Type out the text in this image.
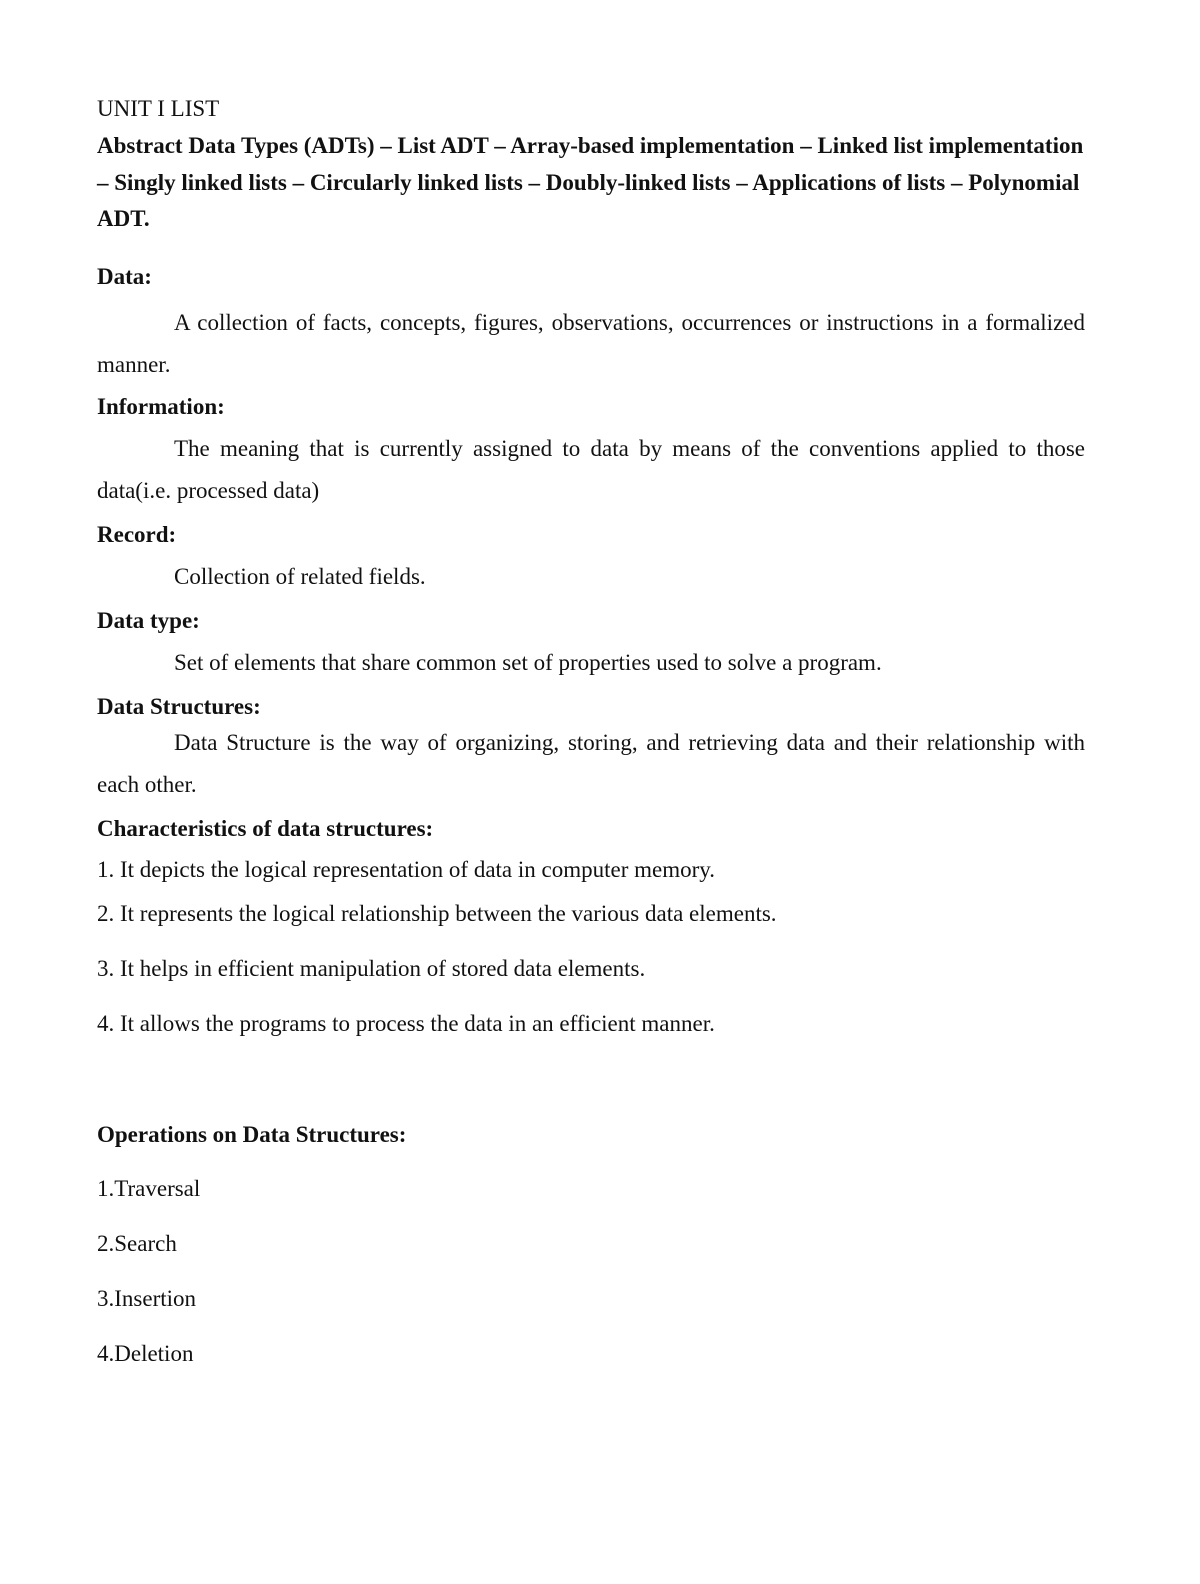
UNIT I LIST

Abstract Data Types (ADTs) – List ADT – Array-based implementation – Linked list implementation – Singly linked lists – Circularly linked lists – Doubly-linked lists – Applications of lists – Polynomial ADT.

Data:

A collection of facts, concepts, figures, observations, occurrences or instructions in a formalized manner.

Information:

The meaning that is currently assigned to data by means of the conventions applied to those data(i.e. processed data)

Record:

Collection of related fields.

Data type:

Set of elements that share common set of properties used to solve a program.

Data Structures:

Data Structure is the way of organizing, storing, and retrieving data and their relationship with each other.

Characteristics of data structures:

1. It depicts the logical representation of data in computer memory.

2. It represents the logical relationship between the various data elements.

3. It helps in efficient manipulation of stored data elements.

4. It allows the programs to process the data in an efficient manner.

Operations on Data Structures:

1.Traversal

2.Search

3.Insertion

4.Deletion
